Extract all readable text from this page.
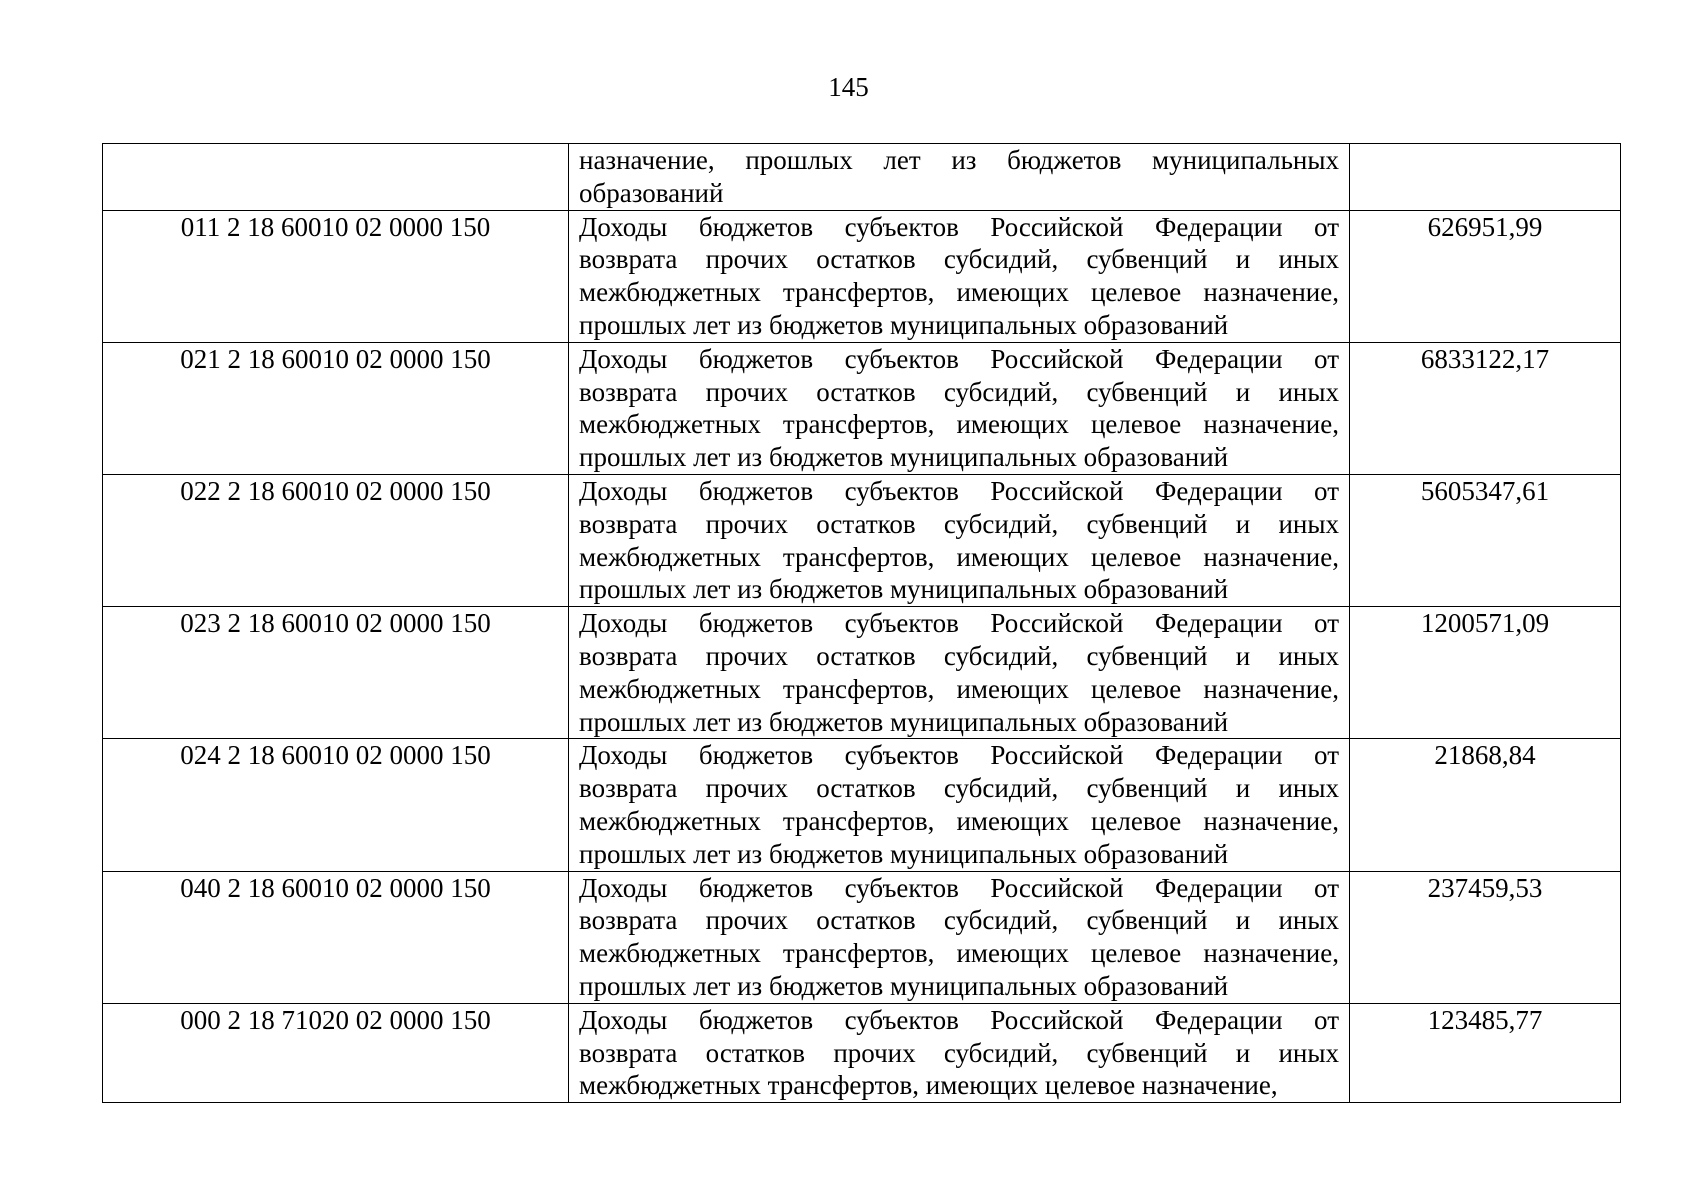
145

	назначение, прошлых лет из бюджетов муниципальных
образований	

011 2 18 60010 02 0000 150	Доходы бюджетов субъектов Российской Федерации от
возврата прочих остатков субсидий, субвенций и иных
межбюджетных трансфертов, имеющих целевое назначение,
прошлых лет из бюджетов муниципальных образований	626951,99
021 2 18 60010 02 0000 150	Доходы бюджетов субъектов Российской Федерации от
возврата прочих остатков субсидий, субвенций и иных
межбюджетных трансфертов, имеющих целевое назначение,
прошлых лет из бюджетов муниципальных образований	6833122,17
022 2 18 60010 02 0000 150	Доходы бюджетов субъектов Российской Федерации от
возврата прочих остатков субсидий, субвенций и иных
межбюджетных трансфертов, имеющих целевое назначение,
прошлых лет из бюджетов муниципальных образований	5605347,61
023 2 18 60010 02 0000 150	Доходы бюджетов субъектов Российской Федерации от
возврата прочих остатков субсидий, субвенций и иных
межбюджетных трансфертов, имеющих целевое назначение,
прошлых лет из бюджетов муниципальных образований	1200571,09
024 2 18 60010 02 0000 150	Доходы бюджетов субъектов Российской Федерации от
возврата прочих остатков субсидий, субвенций и иных
межбюджетных трансфертов, имеющих целевое назначение,
прошлых лет из бюджетов муниципальных образований	21868,84
040 2 18 60010 02 0000 150	Доходы бюджетов субъектов Российской Федерации от
возврата прочих остатков субсидий, субвенций и иных
межбюджетных трансфертов, имеющих целевое назначение,
прошлых лет из бюджетов муниципальных образований	237459,53
000 2 18 71020 02 0000 150	Доходы бюджетов субъектов Российской Федерации от
возврата остатков прочих субсидий, субвенций и иных
межбюджетных трансфертов, имеющих целевое назначение,	123485,77
